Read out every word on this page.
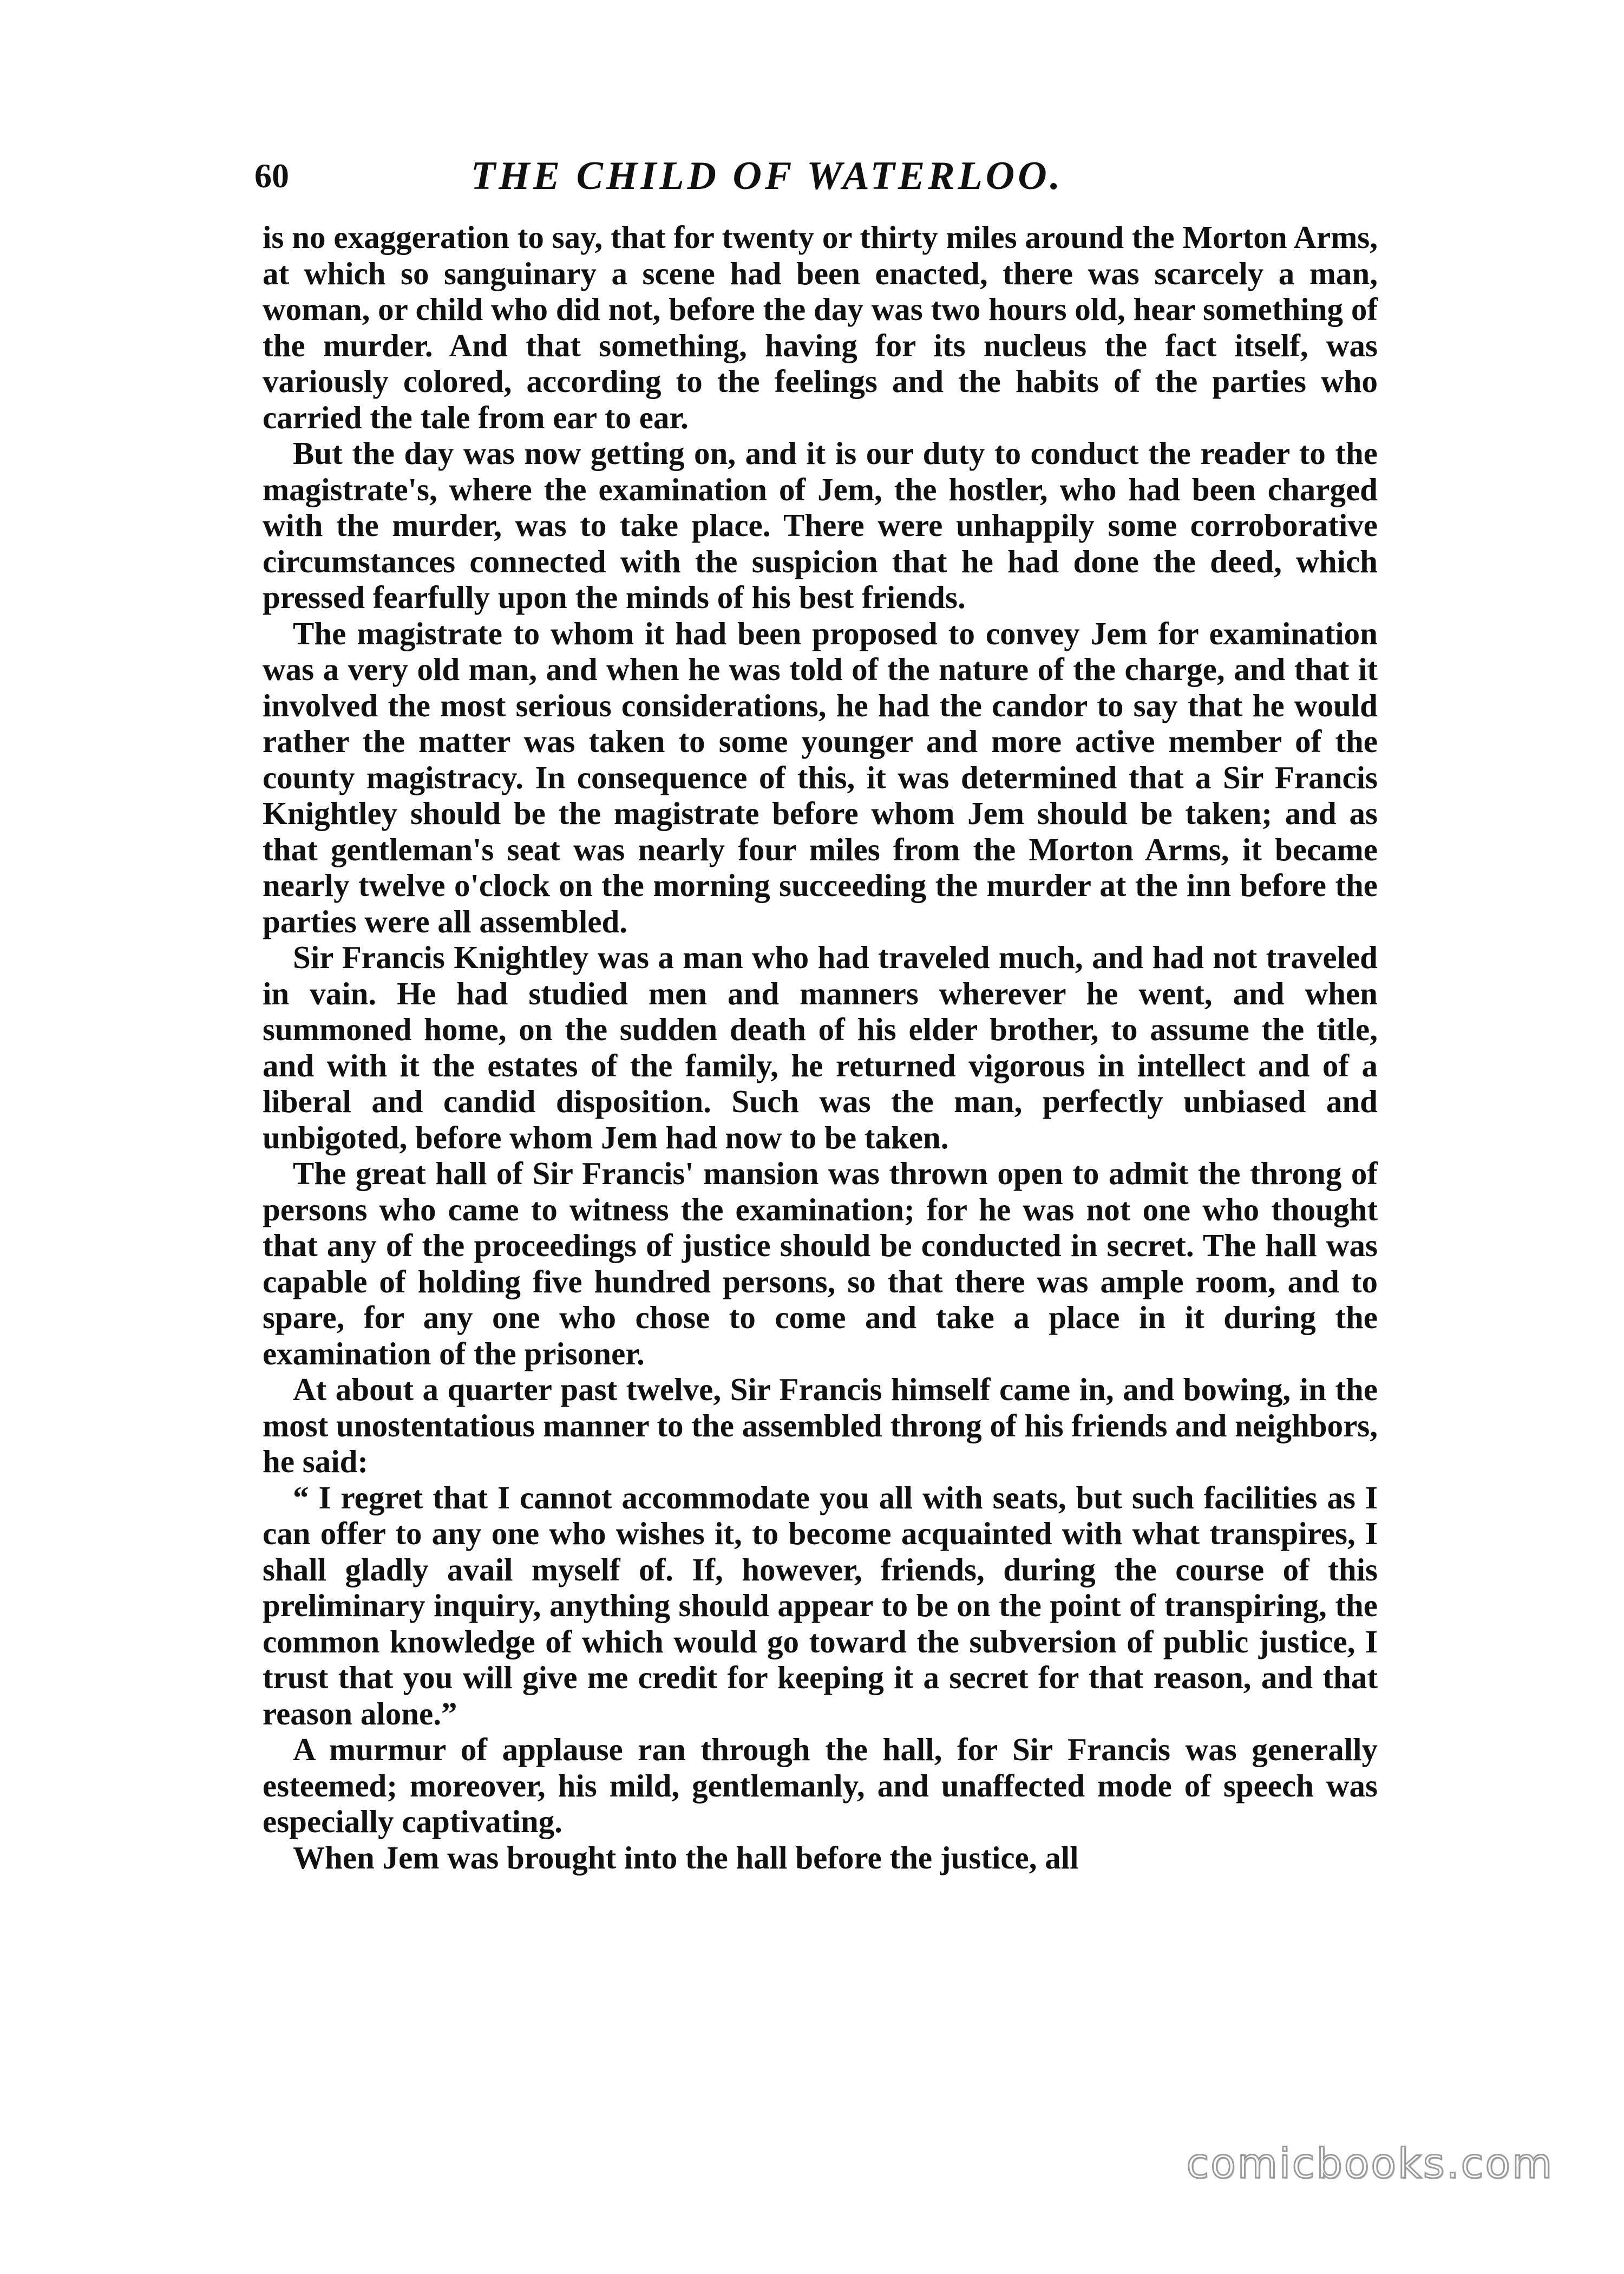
60	THE CHILD OF WATERLOO.

is no exaggeration to say, that for twenty or thirty miles around the Morton Arms, at which so sanguinary a scene had been enacted, there was scarcely a man, woman, or child who did not, before the day was two hours old, hear something of the murder. And that something, having for its nucleus the fact itself, was variously colored, according to the feelings and the habits of the parties who carried the tale from ear to ear.

But the day was now getting on, and it is our duty to conduct the reader to the magistrate's, where the examination of Jem, the hostler, who had been charged with the murder, was to take place. There were unhappily some corroborative circumstances connected with the suspicion that he had done the deed, which pressed fearfully upon the minds of his best friends.

The magistrate to whom it had been proposed to convey Jem for examination was a very old man, and when he was told of the nature of the charge, and that it involved the most serious considerations, he had the candor to say that he would rather the matter was taken to some younger and more active member of the county magistracy. In consequence of this, it was determined that a Sir Francis Knightley should be the magistrate before whom Jem should be taken; and as that gentleman's seat was nearly four miles from the Morton Arms, it became nearly twelve o'clock on the morning succeeding the murder at the inn before the parties were all assembled.

Sir Francis Knightley was a man who had traveled much, and had not traveled in vain. He had studied men and manners wherever he went, and when summoned home, on the sudden death of his elder brother, to assume the title, and with it the estates of the family, he returned vigorous in intellect and of a liberal and candid disposition. Such was the man, perfectly unbiased and unbigoted, before whom Jem had now to be taken.

The great hall of Sir Francis' mansion was thrown open to admit the throng of persons who came to witness the examination; for he was not one who thought that any of the proceedings of justice should be conducted in secret. The hall was capable of holding five hundred persons, so that there was ample room, and to spare, for any one who chose to come and take a place in it during the examination of the prisoner.

At about a quarter past twelve, Sir Francis himself came in, and bowing, in the most unostentatious manner to the assembled throng of his friends and neighbors, he said:

“ I regret that I cannot accommodate you all with seats, but such facilities as I can offer to any one who wishes it, to become acquainted with what transpires, I shall gladly avail myself of. If, however, friends, during the course of this preliminary inquiry, anything should appear to be on the point of transpiring, the common knowledge of which would go toward the subversion of public justice, I trust that you will give me credit for keeping it a secret for that reason, and that reason alone.”

A murmur of applause ran through the hall, for Sir Francis was generally esteemed; moreover, his mild, gentlemanly, and unaffected mode of speech was especially captivating.

When Jem was brought into the hall before the justice, all

comicbooks.com
